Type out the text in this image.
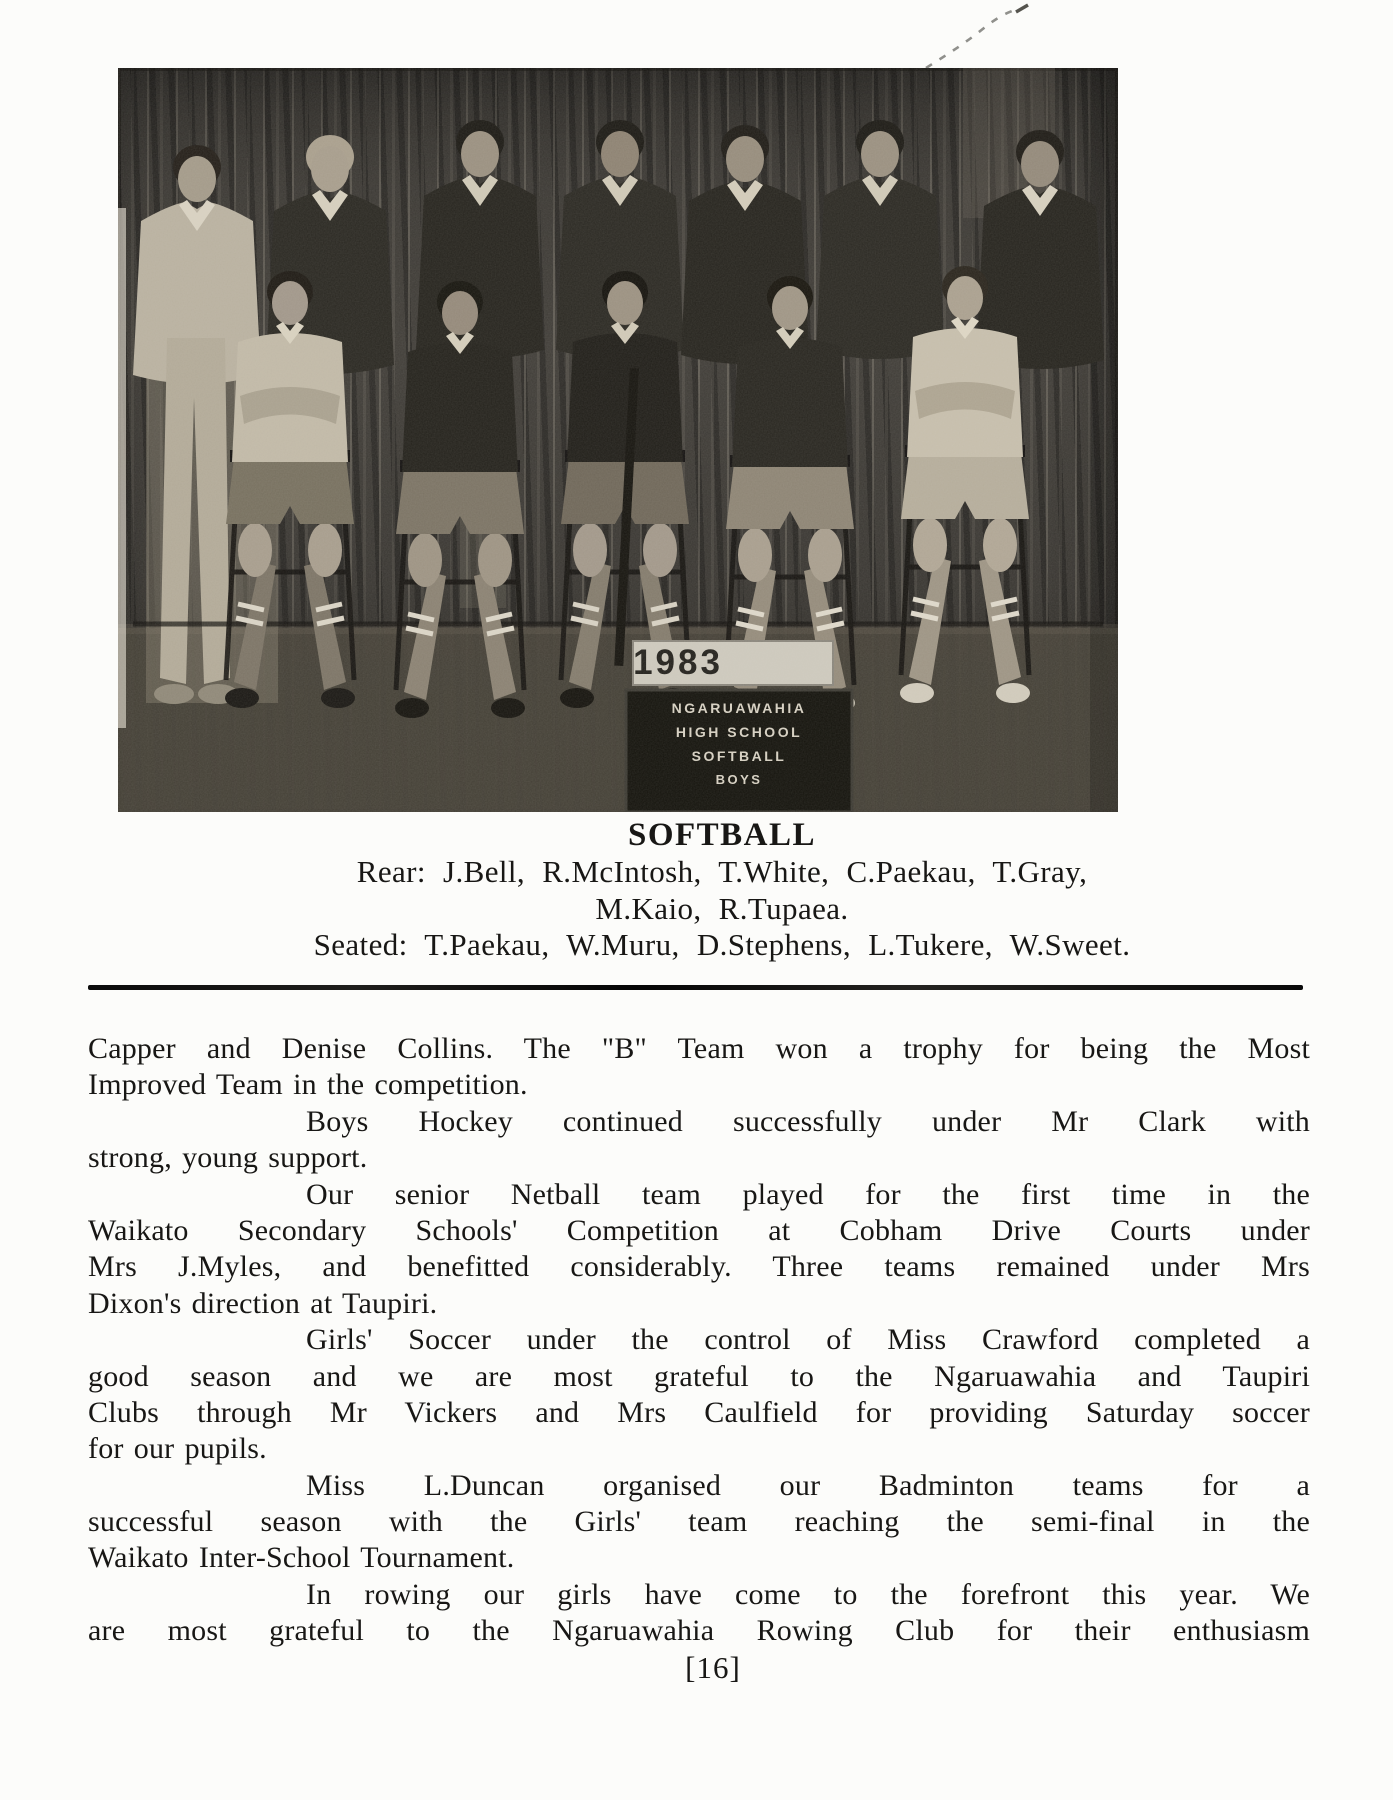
SOFTBALL
Rear: J.Bell, R.McIntosh, T.White, C.Paekau, T.Gray,
M.Kaio, R.Tupaea.
Seated: T.Paekau, W.Muru, D.Stephens, L.Tukere, W.Sweet.
Capper and Denise Collins. The "B" Team won a trophy for being the Most
Improved Team in the competition.
Boys Hockey continued successfully under Mr Clark with
strong, young support.
Our senior Netball team played for the first time in the
Waikato Secondary Schools' Competition at Cobham Drive Courts under
Mrs J.Myles, and benefitted considerably. Three teams remained under Mrs
Dixon's direction at Taupiri.
Girls' Soccer under the control of Miss Crawford completed a
good season and we are most grateful to the Ngaruawahia and Taupiri
Clubs through Mr Vickers and Mrs Caulfield for providing Saturday soccer
for our pupils.
Miss L.Duncan organised our Badminton teams for a
successful season with the Girls' team reaching the semi-final in the
Waikato Inter-School Tournament.
In rowing our girls have come to the forefront this year. We
are most grateful to the Ngaruawahia Rowing Club for their enthusiasm
[16]
